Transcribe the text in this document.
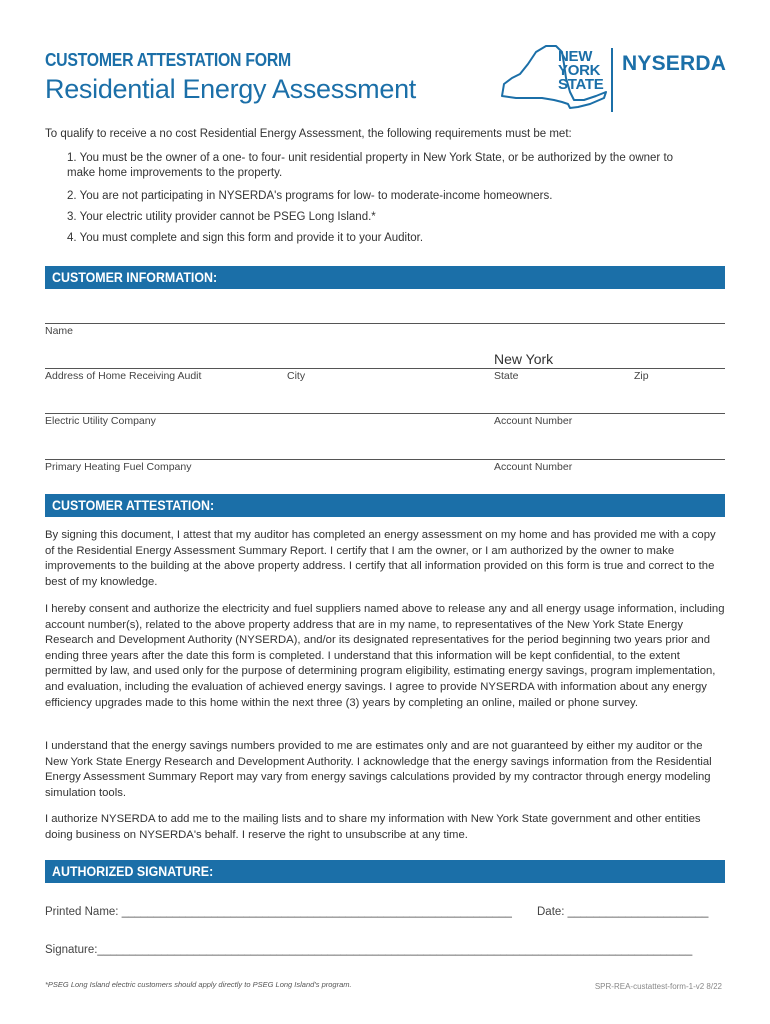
CUSTOMER ATTESTATION FORM
Residential Energy Assessment
NEW
YORK
STATE
NYSERDA
To qualify to receive a no cost Residential Energy Assessment, the following requirements must be met:
1. You must be the owner of a one- to four- unit residential property in New York State, or be authorized by the owner to make home improvements to the property.
2. You are not participating in NYSERDA's programs for low- to moderate-income homeowners.
3. Your electric utility provider cannot be PSEG Long Island.*
4. You must complete and sign this form and provide it to your Auditor.
CUSTOMER INFORMATION:
Name
New York
Address of Home Receiving Audit	City	State	Zip
Electric Utility Company	Account Number
Primary Heating Fuel Company	Account Number
CUSTOMER ATTESTATION:
By signing this document, I attest that my auditor has completed an energy assessment on my home and has provided me with a copy of the Residential Energy Assessment Summary Report. I certify that I am the owner, or I am authorized by the owner to make improvements to the building at the above property address. I certify that all information provided on this form is true and correct to the best of my knowledge.
I hereby consent and authorize the electricity and fuel suppliers named above to release any and all energy usage information, including account number(s), related to the above property address that are in my name, to representatives of the New York State Energy Research and Development Authority (NYSERDA), and/or its designated representatives for the period beginning two years prior and ending three years after the date this form is completed. I understand that this information will be kept confidential, to the extent permitted by law, and used only for the purpose of determining program eligibility, estimating energy savings, program implementation, and evaluation, including the evaluation of achieved energy savings. I agree to provide NYSERDA with information about any energy efficiency upgrades made to this home within the next three (3) years by completing an online, mailed or phone survey.
I understand that the energy savings numbers provided to me are estimates only and are not guaranteed by either my auditor or the New York State Energy Research and Development Authority. I acknowledge that the energy savings information from the Residential Energy Assessment Summary Report may vary from energy savings calculations provided by my contractor through energy modeling simulation tools.
I authorize NYSERDA to add me to the mailing lists and to share my information with New York State government and other entities doing business on NYSERDA's behalf. I reserve the right to unsubscribe at any time.
AUTHORIZED SIGNATURE:
Printed Name: _____________________________________________________________ Date: ______________________
Signature:_____________________________________________________________________________________________
*PSEG Long Island electric customers should apply directly to PSEG Long Island's program.	SPR-REA-custattest-form-1-v2 8/22
